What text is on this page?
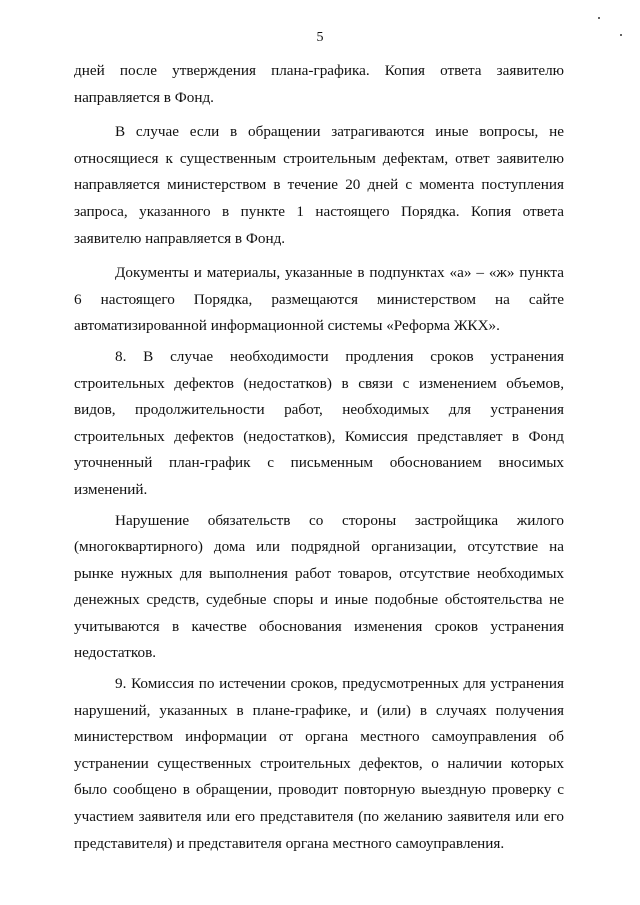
5

дней после утверждения плана-графика. Копия ответа заявителю направляется в Фонд.

В случае если в обращении затрагиваются иные вопросы, не относящиеся к существенным строительным дефектам, ответ заявителю направляется министерством в течение 20 дней с момента поступления запроса, указанного в пункте 1 настоящего Порядка. Копия ответа заявителю направляется в Фонд.

Документы и материалы, указанные в подпунктах «а» – «ж» пункта 6 настоящего Порядка, размещаются министерством на сайте автоматизированной информационной системы «Реформа ЖКХ».

8. В случае необходимости продления сроков устранения строительных дефектов (недостатков) в связи с изменением объемов, видов, продолжительности работ, необходимых для устранения строительных дефектов (недостатков), Комиссия представляет в Фонд уточненный план-график с письменным обоснованием вносимых изменений.

Нарушение обязательств со стороны застройщика жилого (многоквартирного) дома или подрядной организации, отсутствие на рынке нужных для выполнения работ товаров, отсутствие необходимых денежных средств, судебные споры и иные подобные обстоятельства не учитываются в качестве обоснования изменения сроков устранения недостатков.

9. Комиссия по истечении сроков, предусмотренных для устранения нарушений, указанных в плане-графике, и (или) в случаях получения министерством информации от органа местного самоуправления об устранении существенных строительных дефектов, о наличии которых было сообщено в обращении, проводит повторную выездную проверку с участием заявителя или его представителя (по желанию заявителя или его представителя) и представителя органа местного самоуправления.
